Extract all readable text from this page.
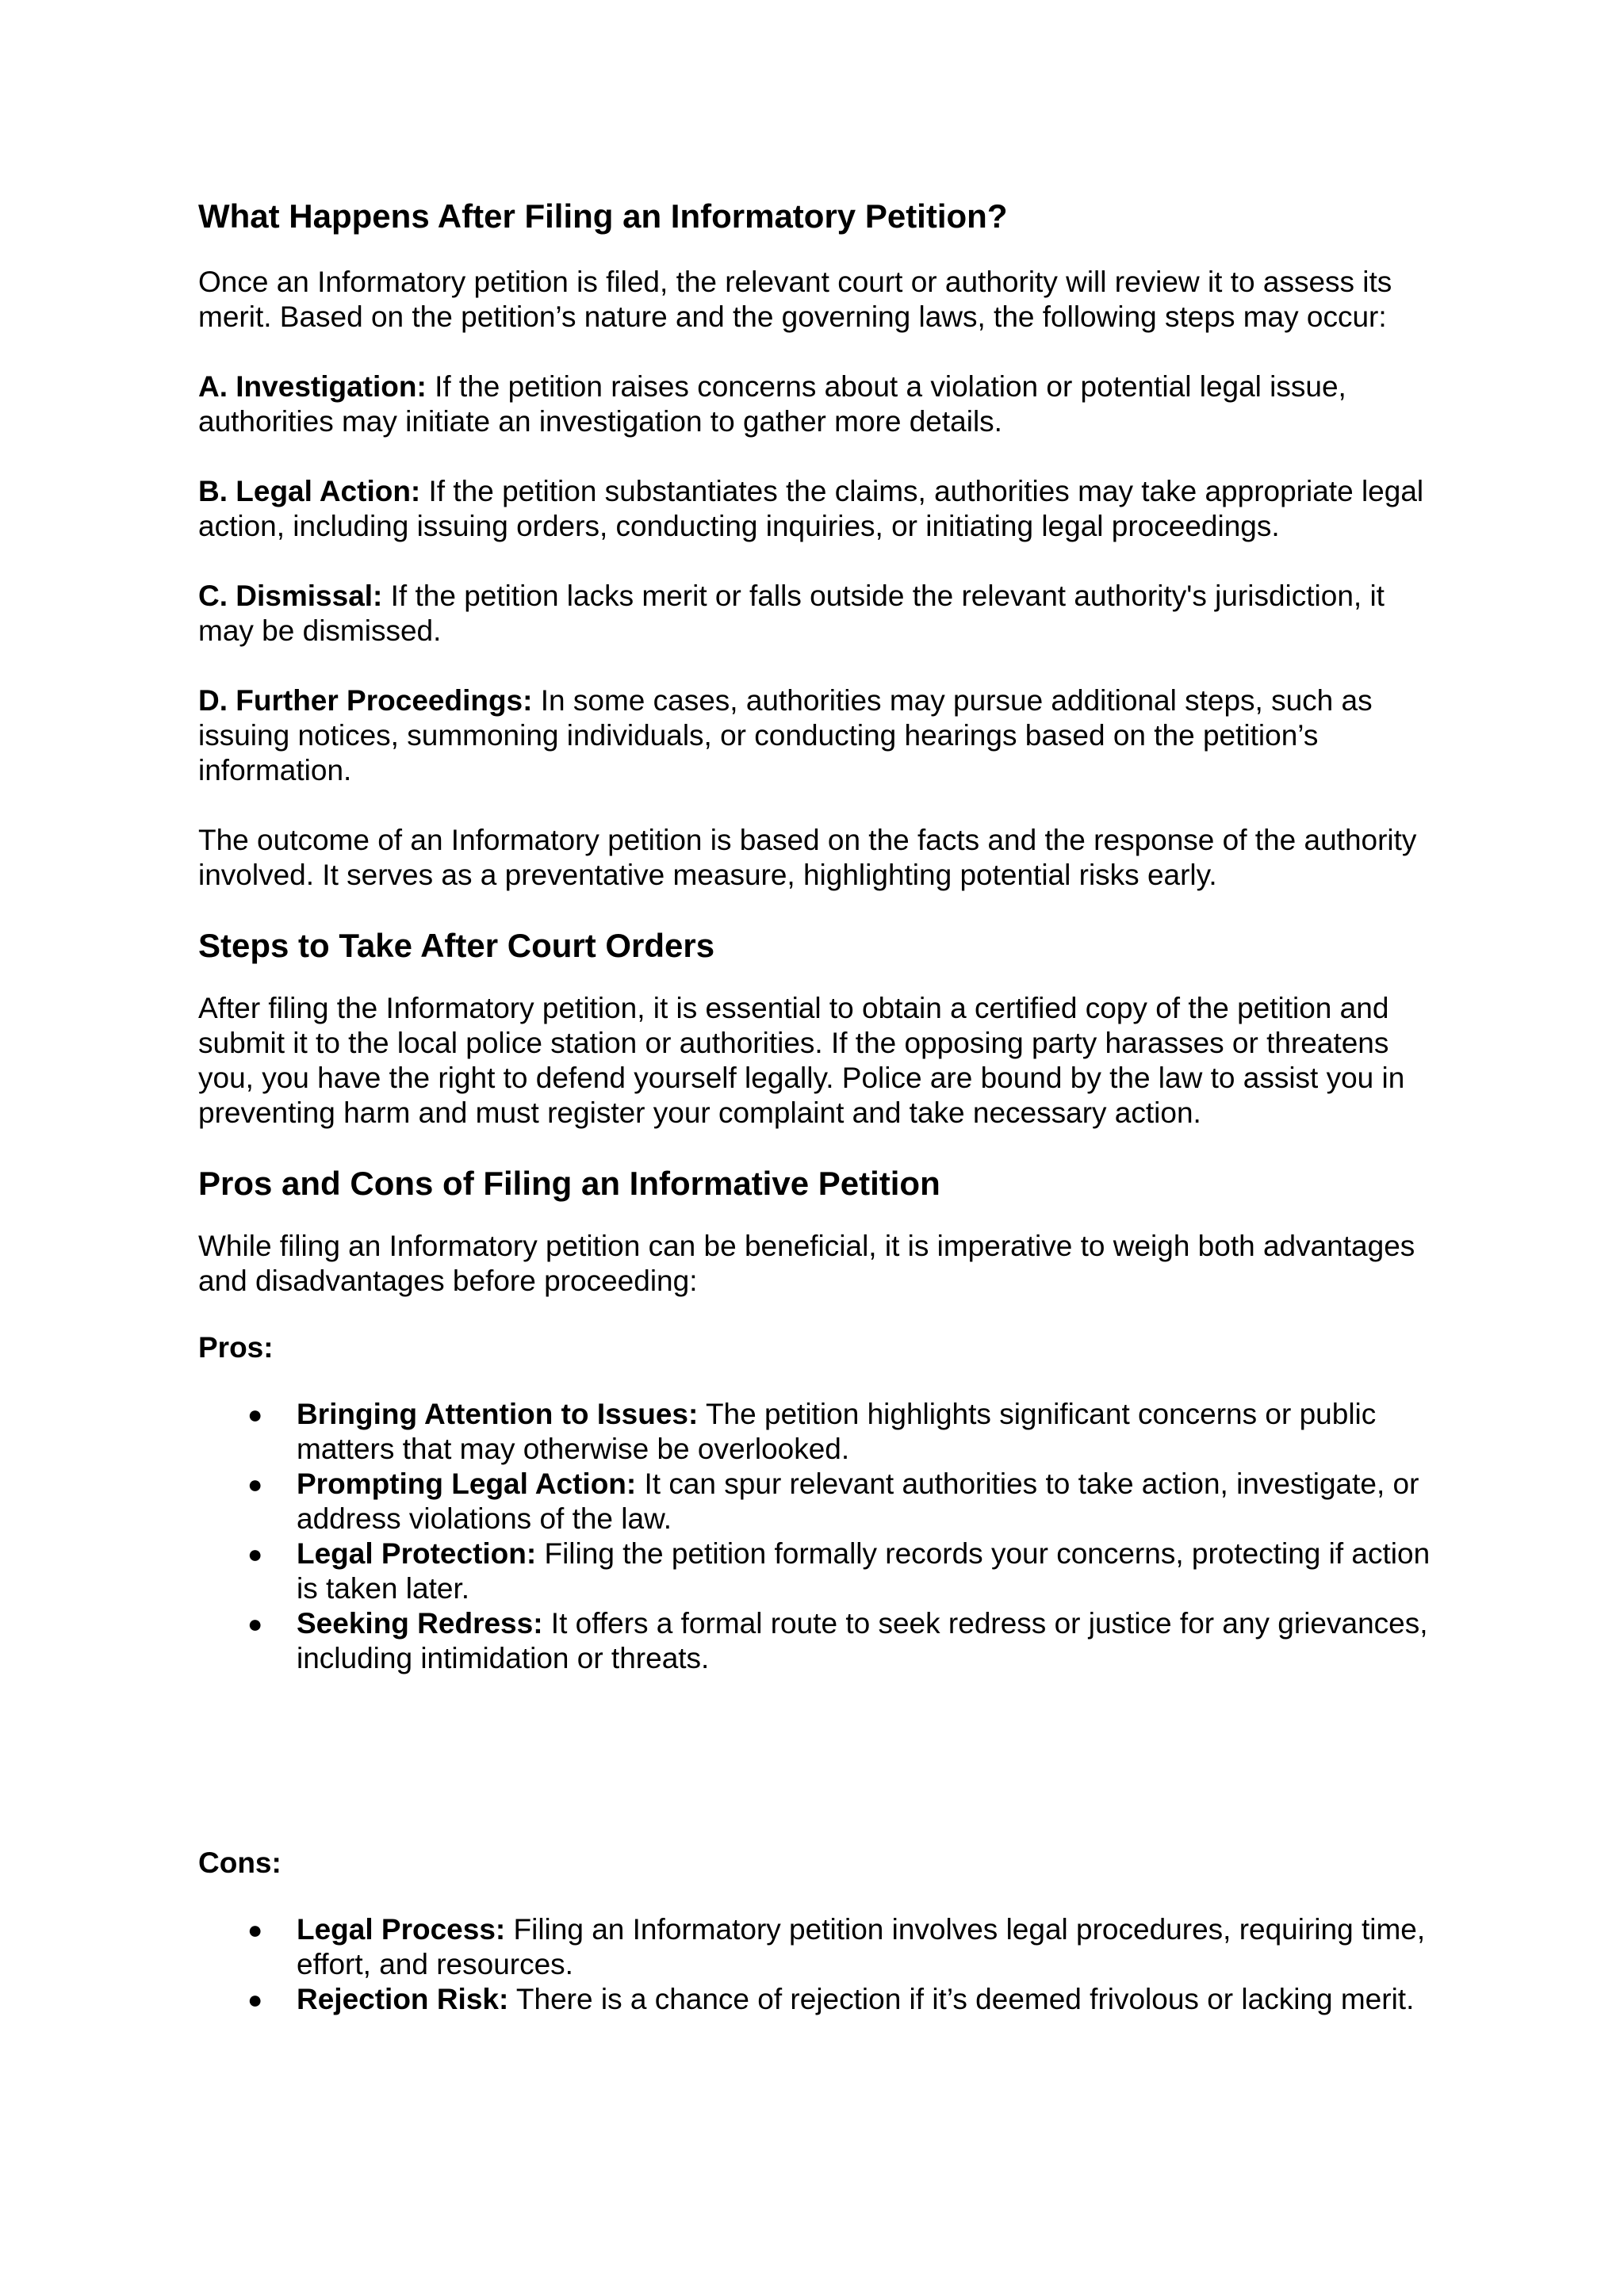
What Happens After Filing an Informatory Petition?

Once an Informatory petition is filed, the relevant court or authority will review it to assess its merit. Based on the petition’s nature and the governing laws, the following steps may occur:

A. Investigation: If the petition raises concerns about a violation or potential legal issue, authorities may initiate an investigation to gather more details.

B. Legal Action: If the petition substantiates the claims, authorities may take appropriate legal action, including issuing orders, conducting inquiries, or initiating legal proceedings.

C. Dismissal: If the petition lacks merit or falls outside the relevant authority's jurisdiction, it may be dismissed.

D. Further Proceedings: In some cases, authorities may pursue additional steps, such as issuing notices, summoning individuals, or conducting hearings based on the petition’s information.

The outcome of an Informatory petition is based on the facts and the response of the authority involved. It serves as a preventative measure, highlighting potential risks early.

Steps to Take After Court Orders

After filing the Informatory petition, it is essential to obtain a certified copy of the petition and submit it to the local police station or authorities. If the opposing party harasses or threatens you, you have the right to defend yourself legally. Police are bound by the law to assist you in preventing harm and must register your complaint and take necessary action.

Pros and Cons of Filing an Informative Petition

While filing an Informatory petition can be beneficial, it is imperative to weigh both advantages and disadvantages before proceeding:

Pros:

● Bringing Attention to Issues: The petition highlights significant concerns or public matters that may otherwise be overlooked.
● Prompting Legal Action: It can spur relevant authorities to take action, investigate, or address violations of the law.
● Legal Protection: Filing the petition formally records your concerns, protecting if action is taken later.
● Seeking Redress: It offers a formal route to seek redress or justice for any grievances, including intimidation or threats.

Cons:

● Legal Process: Filing an Informatory petition involves legal procedures, requiring time, effort, and resources.
● Rejection Risk: There is a chance of rejection if it’s deemed frivolous or lacking merit.
